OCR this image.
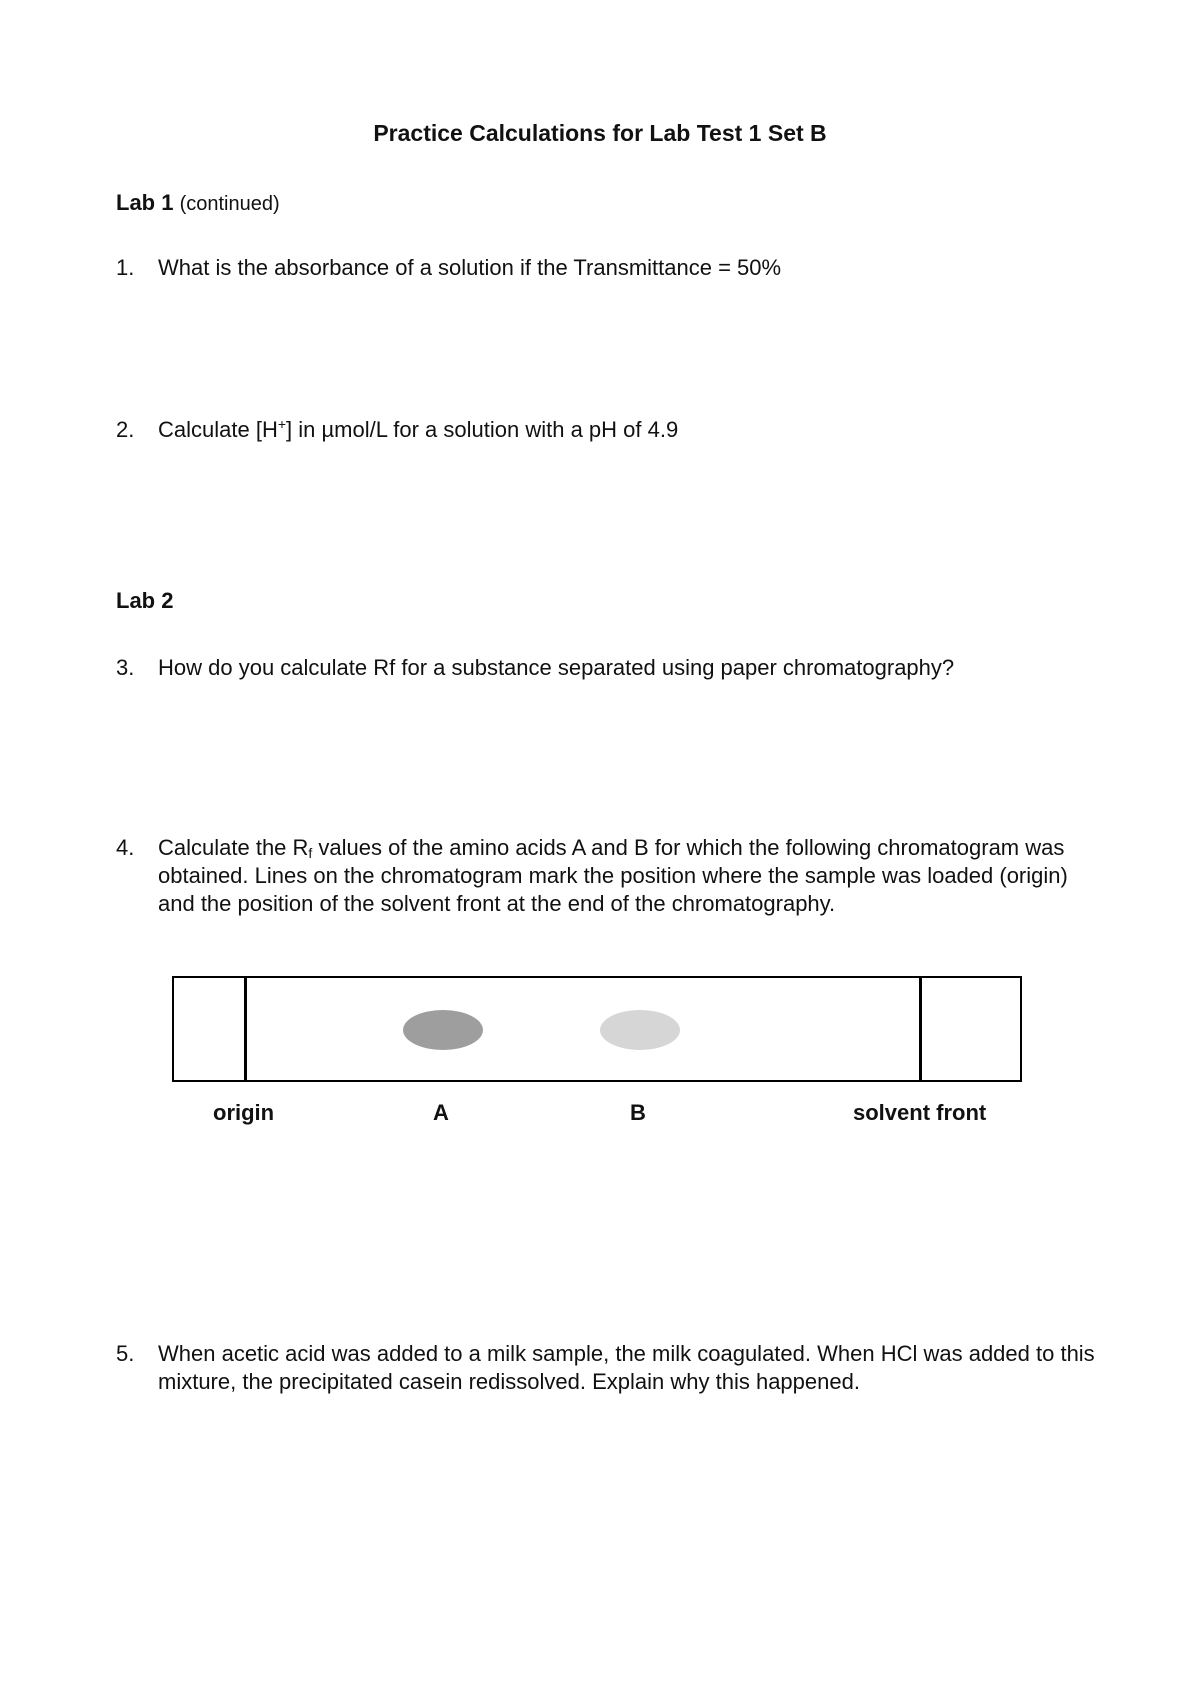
Practice Calculations for Lab Test 1 Set B
Lab 1 (continued)
1.	What is the absorbance of a solution if the Transmittance = 50%
2.	Calculate [H+] in µmol/L for a solution with a pH of 4.9
Lab 2
3.	How do you calculate Rf for a substance separated using paper chromatography?
4.	Calculate the $R_f$ values of the amino acids A and B for which the following chromatogram was obtained. Lines on the chromatogram mark the position where the sample was loaded (origin) and the position of the solvent front at the end of the chromatography.
origin	A	B	solvent front
5.	When acetic acid was added to a milk sample, the milk coagulated. When HCl was added to this mixture, the precipitated casein redissolved. Explain why this happened.
